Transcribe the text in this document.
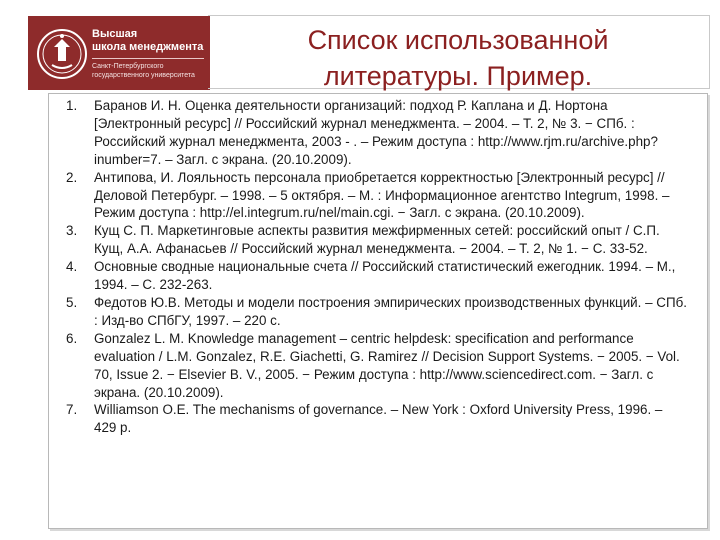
Высшая
школа менеджмента
Санкт-Петербургского
государственного университета
Список использованной
литературы. Пример.
1. Баранов И. Н. Оценка деятельности организаций: подход Р. Каплана и Д. Нортона [Электронный ресурс] // Российский журнал менеджмента. – 2004. – Т. 2, № 3. − СПб. : Российский журнал менеджмента, 2003 - . – Режим доступа : http://www.rjm.ru/archive.php?inumber=7. – Загл. с экрана. (20.10.2009).
2. Антипова, И. Лояльность персонала приобретается корректностью [Электронный ресурс] // Деловой Петербург. – 1998. – 5 октября. – М. : Информационное агентство Integrum, 1998. – Режим доступа : http://el.integrum.ru/nel/main.cgi. − Загл. с экрана. (20.10.2009).
3. Кущ С. П. Маркетинговые аспекты развития межфирменных сетей: российский опыт / С.П. Кущ, А.А. Афанасьев // Российский журнал менеджмента. − 2004. – Т. 2, № 1. − С. 33-52.
4. Основные сводные национальные счета // Российский статистический ежегодник. 1994. – М., 1994. – С. 232-263.
5. Федотов Ю.В. Методы и модели построения эмпирических производственных функций. – СПб. : Изд-во СПбГУ, 1997. – 220 с.
6. Gonzalez L. M. Knowledge management – centric helpdesk: specification and performance evaluation / L.M. Gonzalez, R.E. Giachetti, G. Ramirez // Decision Support Systems. − 2005. − Vol. 70, Issue 2. − Elsevier B. V., 2005. − Режим доступа : http://www.sciencedirect.com. − Загл. с экрана. (20.10.2009).
7. Williamson O.E. The mechanisms of governance. – New York : Oxford University Press, 1996. – 429 p.
